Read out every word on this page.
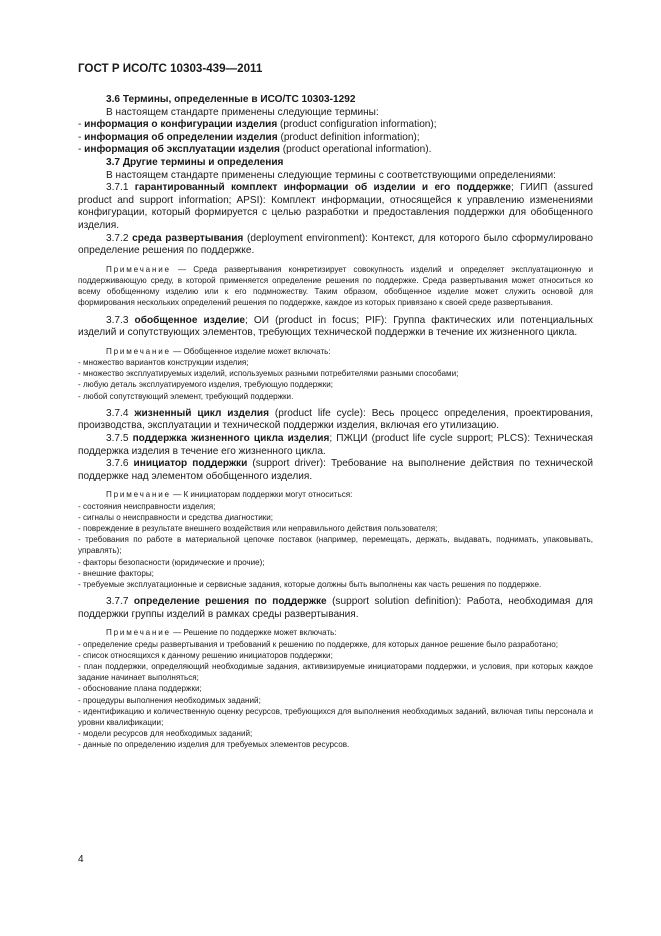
ГОСТ Р ИСО/ТС 10303-439—2011

3.6 Термины, определенные в ИСО/ТС 10303-1292

В настоящем стандарте применены следующие термины:

- информация о конфигурации изделия (product configuration information);

- информация об определении изделия (product definition information);

- информация об эксплуатации изделия (product operational information).

3.7 Другие термины и определения

В настоящем стандарте применены следующие термины с соответствующими определениями:

3.7.1 гарантированный комплект информации об изделии и его поддержке; ГИИП (assured product and support information; APSI): Комплект информации, относящейся к управлению изменениями конфигурации, который формируется с целью разработки и предоставления поддержки для обобщенного изделия.

3.7.2 среда развертывания (deployment environment): Контекст, для которого было сформулировано определение решения по поддержке.

Примечание — Среда развертывания конкретизирует совокупность изделий и определяет эксплуатационную и поддерживающую среду, в которой применяется определение решения по поддержке. Среда развертывания может относиться ко всему обобщенному изделию или к его подмножеству. Таким образом, обобщенное изделие может служить основой для формирования нескольких определений решения по поддержке, каждое из которых привязано к своей среде развертывания.

3.7.3 обобщенное изделие; ОИ (product in focus; PIF): Группа фактических или потенциальных изделий и сопутствующих элементов, требующих технической поддержки в течение их жизненного цикла.

Примечание — Обобщенное изделие может включать:

- множество вариантов конструкции изделия;

- множество эксплуатируемых изделий, используемых разными потребителями разными способами;

- любую деталь эксплуатируемого изделия, требующую поддержки;

- любой сопутствующий элемент, требующий поддержки.

3.7.4 жизненный цикл изделия (product life cycle): Весь процесс определения, проектирования, производства, эксплуатации и технической поддержки изделия, включая его утилизацию.

3.7.5 поддержка жизненного цикла изделия; ПЖЦИ (product life cycle support; PLCS): Техническая поддержка изделия в течение его жизненного цикла.

3.7.6 инициатор поддержки (support driver): Требование на выполнение действия по технической поддержке над элементом обобщенного изделия.

Примечание — К инициаторам поддержки могут относиться:

- состояния неисправности изделия;

- сигналы о неисправности и средства диагностики;

- повреждение в результате внешнего воздействия или неправильного действия пользователя;

- требования по работе в материальной цепочке поставок (например, перемещать, держать, выдавать, поднимать, упаковывать, управлять);

- факторы безопасности (юридические и прочие);

- внешние факторы;

- требуемые эксплуатационные и сервисные задания, которые должны быть выполнены как часть решения по поддержке.

3.7.7 определение решения по поддержке (support solution definition): Работа, необходимая для поддержки группы изделий в рамках среды развертывания.

Примечание — Решение по поддержке может включать:

- определение среды развертывания и требований к решению по поддержке, для которых данное решение было разработано;

- список относящихся к данному решению инициаторов поддержки;

- план поддержки, определяющий необходимые задания, активизируемые инициаторами поддержки, и условия, при которых каждое задание начинает выполняться;

- обоснование плана поддержки;

- процедуры выполнения необходимых заданий;

- идентификацию и количественную оценку ресурсов, требующихся для выполнения необходимых заданий, включая типы персонала и уровни квалификации;

- модели ресурсов для необходимых заданий;

- данные по определению изделия для требуемых элементов ресурсов.

4
